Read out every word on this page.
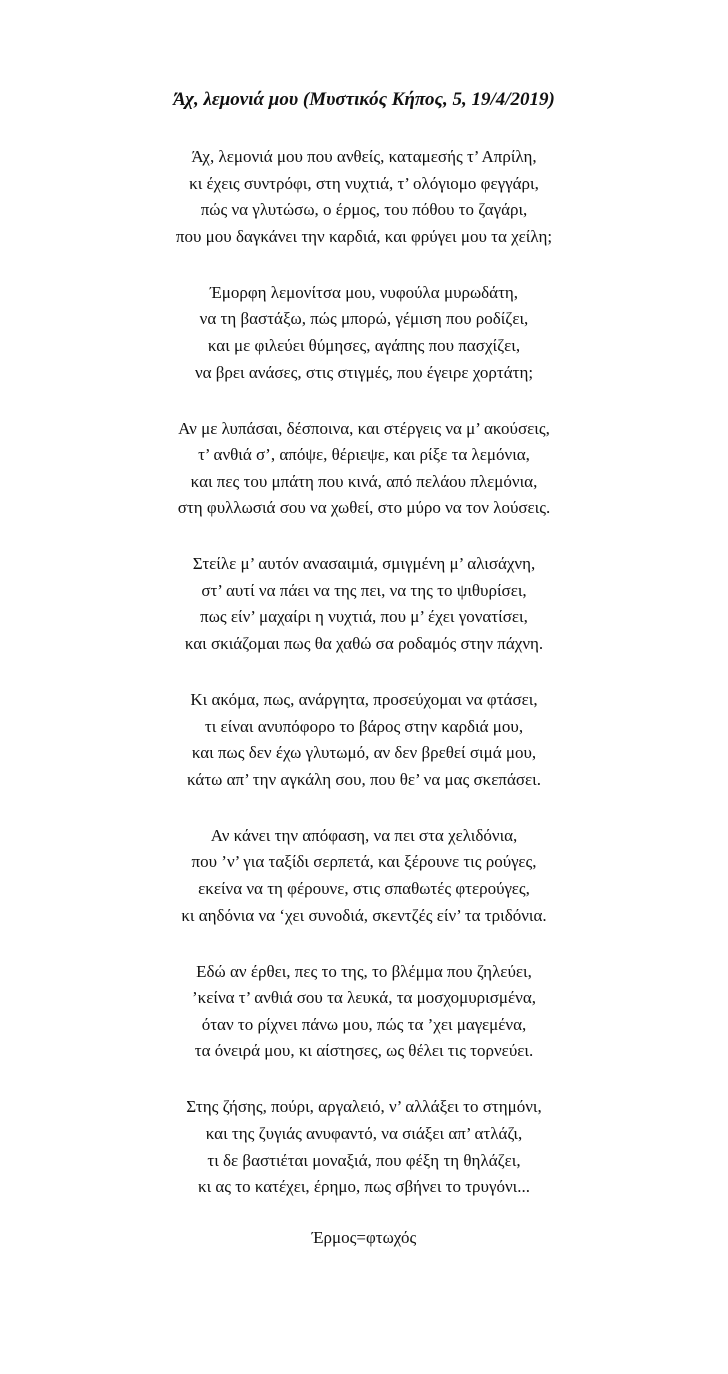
Άχ, λεμονιά μου (Μυστικός Κήπος, 5, 19/4/2019)
Άχ, λεμονιά μου που ανθείς, καταμεσής τ’ Απρίλη,
κι έχεις συντρόφι, στη νυχτιά, τ’ ολόγιομο φεγγάρι,
πώς να γλυτώσω, ο έρμος, του πόθου το ζαγάρι,
που μου δαγκάνει την καρδιά, και φρύγει μου τα χείλη;
Έμορφη λεμονίτσα μου, νυφούλα μυρωδάτη,
να τη βαστάξω, πώς μπορώ, γέμιση που ροδίζει,
και με φιλεύει θύμησες, αγάπης που πασχίζει,
να βρει ανάσες, στις στιγμές, που έγειρε χορτάτη;
Αν με λυπάσαι, δέσποινα, και στέργεις να μ’ ακούσεις,
τ’ ανθιά σ’, απόψε, θέριεψε, και ρίξε τα λεμόνια,
και πες του μπάτη που κινά, από πελάου πλεμόνια,
στη φυλλωσιά σου να χωθεί, στο μύρο να τον λούσεις.
Στείλε μ’ αυτόν ανασαιμιά, σμιγμένη μ’ αλισάχνη,
στ’ αυτί να πάει να της πει, να της το ψιθυρίσει,
πως είν’ μαχαίρι η νυχτιά, που μ’ έχει γονατίσει,
και σκιάζομαι πως θα χαθώ σα ροδαμός στην πάχνη.
Κι ακόμα, πως, ανάργητα, προσεύχομαι να φτάσει,
τι είναι ανυπόφορο το βάρος στην καρδιά μου,
και πως δεν έχω γλυτωμό, αν δεν βρεθεί σιμά μου,
κάτω απ’ την αγκάλη σου, που θε’ να μας σκεπάσει.
Αν κάνει την απόφαση, να πει στα χελιδόνια,
που ’ν’ για ταξίδι σερπετά, και ξέρουνε τις ρούγες,
εκείνα να τη φέρουνε, στις σπαθωτές φτερούγες,
κι αηδόνια να ‘χει συνοδιά, σκεντζές είν’ τα τριδόνια.
Εδώ αν έρθει, πες το της, το βλέμμα που ζηλεύει,
’κείνα τ’ ανθιά σου τα λευκά, τα μοσχομυρισμένα,
όταν το ρίχνει πάνω μου, πώς τα ’χει μαγεμένα,
τα όνειρά μου, κι αίστησες, ως θέλει τις τορνεύει.
Στης ζήσης, πούρι, αργαλειό, ν’ αλλάξει το στημόνι,
και της ζυγιάς ανυφαντό, να σιάξει απ’ ατλάζι,
τι δε βαστιέται μοναξιά, που φέξη τη θηλάζει,
κι ας το κατέχει, έρημο, πως σβήνει το τρυγόνι...

Έρμος=φτωχός
